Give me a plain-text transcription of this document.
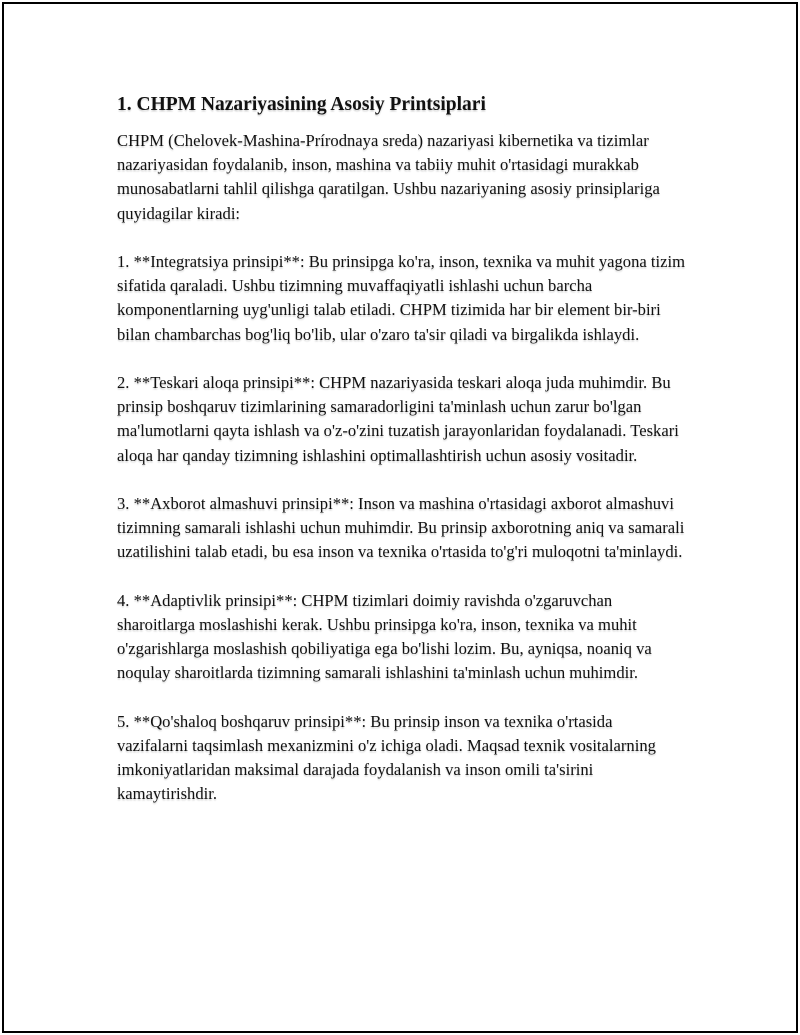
1. CHPM Nazariyasining Asosiy Printsiplari

CHPM (Chelovek-Mashina-Prírodnaya sreda) nazariyasi kibernetika va tizimlar nazariyasidan foydalanib, inson, mashina va tabiiy muhit o'rtasidagi murakkab munosabatlarni tahlil qilishga qaratilgan. Ushbu nazariyaning asosiy prinsiplariga quyidagilar kiradi:

1. **Integratsiya prinsipi**: Bu prinsipga ko'ra, inson, texnika va muhit yagona tizim sifatida qaraladi. Ushbu tizimning muvaffaqiyatli ishlashi uchun barcha komponentlarning uyg'unligi talab etiladi. CHPM tizimida har bir element bir-biri bilan chambarchas bog'liq bo'lib, ular o'zaro ta'sir qiladi va birgalikda ishlaydi.

2. **Teskari aloqa prinsipi**: CHPM nazariyasida teskari aloqa juda muhimdir. Bu prinsip boshqaruv tizimlarining samaradorligini ta'minlash uchun zarur bo'lgan ma'lumotlarni qayta ishlash va o'z-o'zini tuzatish jarayonlaridan foydalanadi. Teskari aloqa har qanday tizimning ishlashini optimallashtirish uchun asosiy vositadir.

3. **Axborot almashuvi prinsipi**: Inson va mashina o'rtasidagi axborot almashuvi tizimning samarali ishlashi uchun muhimdir. Bu prinsip axborotning aniq va samarali uzatilishini talab etadi, bu esa inson va texnika o'rtasida to'g'ri muloqotni ta'minlaydi.

4. **Adaptivlik prinsipi**: CHPM tizimlari doimiy ravishda o'zgaruvchan sharoitlarga moslashishi kerak. Ushbu prinsipga ko'ra, inson, texnika va muhit o'zgarishlarga moslashish qobiliyatiga ega bo'lishi lozim. Bu, ayniqsa, noaniq va noqulay sharoitlarda tizimning samarali ishlashini ta'minlash uchun muhimdir.

5. **Qo'shaloq boshqaruv prinsipi**: Bu prinsip inson va texnika o'rtasida vazifalarni taqsimlash mexanizmini o'z ichiga oladi. Maqsad texnik vositalarning imkoniyatlaridan maksimal darajada foydalanish va inson omili ta'sirini kamaytirishdir.
